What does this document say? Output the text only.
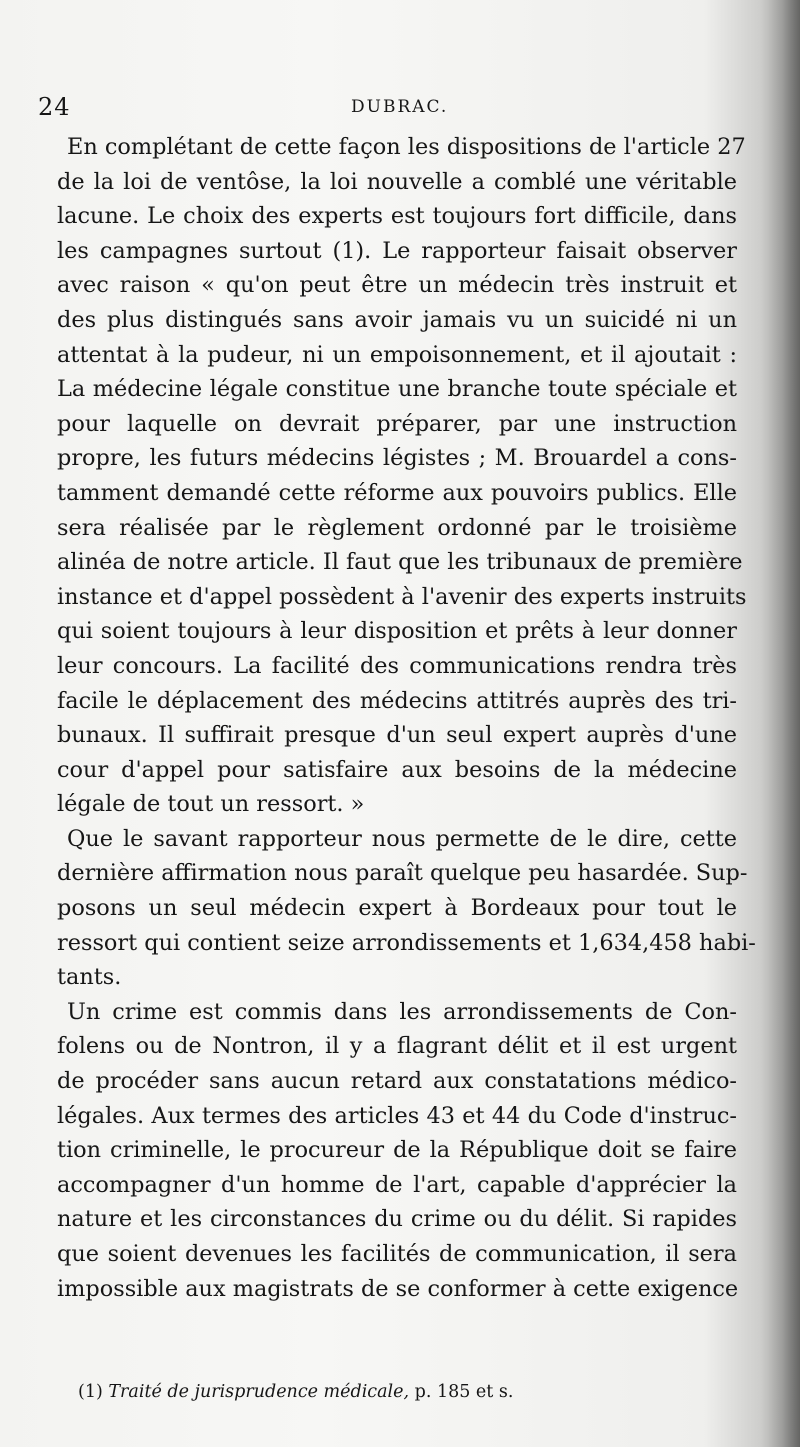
24	DUBRAC.
En complétant de cette façon les dispositions de l'article 27
de la loi de ventôse, la loi nouvelle a comblé une véritable
lacune. Le choix des experts est toujours fort difficile, dans
les campagnes surtout (1). Le rapporteur faisait observer
avec raison « qu'on peut être un médecin très instruit et
des plus distingués sans avoir jamais vu un suicidé ni un
attentat à la pudeur, ni un empoisonnement, et il ajoutait :
La médecine légale constitue une branche toute spéciale et
pour laquelle on devrait préparer, par une instruction
propre, les futurs médecins légistes ; M. Brouardel a cons-
tamment demandé cette réforme aux pouvoirs publics. Elle
sera réalisée par le règlement ordonné par le troisième
alinéa de notre article. Il faut que les tribunaux de première
instance et d'appel possèdent à l'avenir des experts instruits
qui soient toujours à leur disposition et prêts à leur donner
leur concours. La facilité des communications rendra très
facile le déplacement des médecins attitrés auprès des tri-
bunaux. Il suffirait presque d'un seul expert auprès d'une
cour d'appel pour satisfaire aux besoins de la médecine
légale de tout un ressort. »
Que le savant rapporteur nous permette de le dire, cette
dernière affirmation nous paraît quelque peu hasardée. Sup-
posons un seul médecin expert à Bordeaux pour tout le
ressort qui contient seize arrondissements et 1,634,458 habi-
tants.
Un crime est commis dans les arrondissements de Con-
folens ou de Nontron, il y a flagrant délit et il est urgent
de procéder sans aucun retard aux constatations médico-
légales. Aux termes des articles 43 et 44 du Code d'instruc-
tion criminelle, le procureur de la République doit se faire
accompagner d'un homme de l'art, capable d'apprécier la
nature et les circonstances du crime ou du délit. Si rapides
que soient devenues les facilités de communication, il sera
impossible aux magistrats de se conformer à cette exigence
(1) Traité de jurisprudence médicale, p. 185 et s.
